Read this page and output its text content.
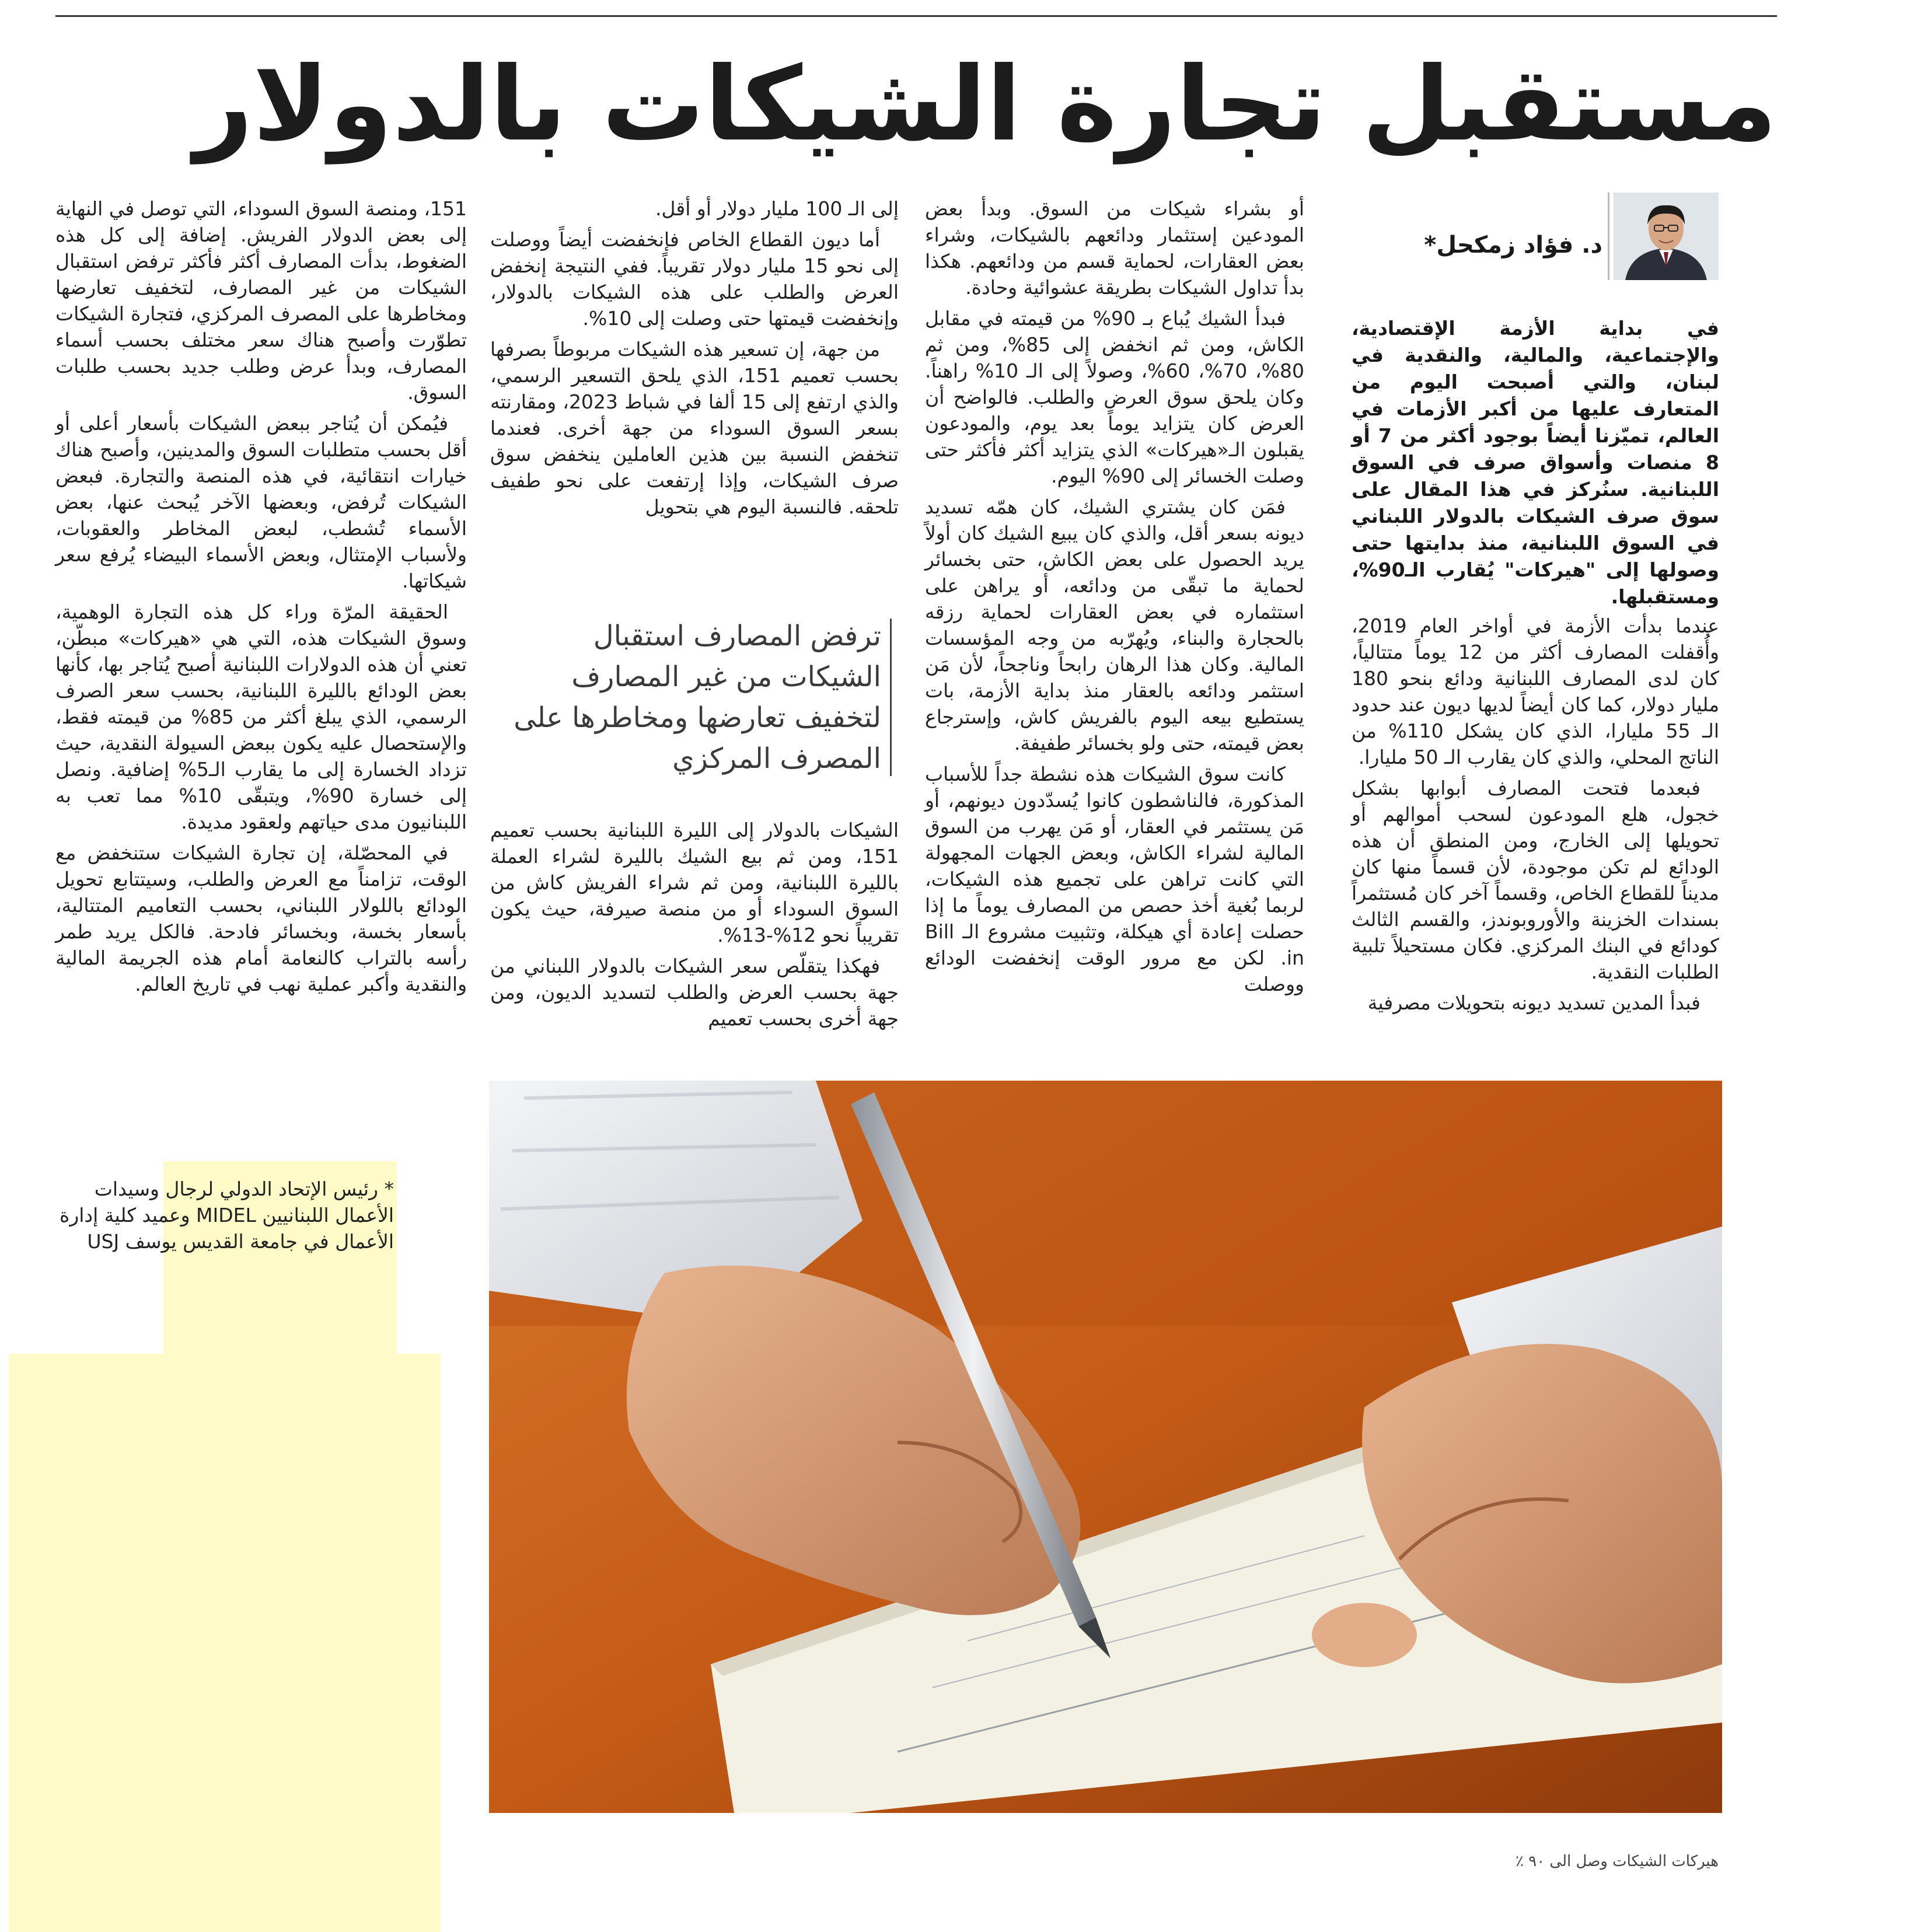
مستقبل تجارة الشيكات بالدولار
د. فؤاد زمكحل*
في بداية الأزمة الإقتصادية، والإجتماعية، والمالية، والنقدية في لبنان، والتي أصبحت اليوم من المتعارف عليها من أكبر الأزمات في العالم، تميّزنا أيضاً بوجود أكثر من 7 أو 8 منصات وأسواق صرف في السوق اللبنانية. سنُركز في هذا المقال على سوق صرف الشيكات بالدولار اللبناني في السوق اللبنانية، منذ بدايتها حتى وصولها إلى "هيركات" يُقارب الـ90%، ومستقبلها.

عندما بدأت الأزمة في أواخر العام 2019، وأُقفلت المصارف أكثر من 12 يوماً متتالياً، كان لدى المصارف اللبنانية ودائع بنحو 180 مليار دولار، كما كان أيضاً لديها ديون عند حدود الـ 55 مليارا، الذي كان يشكل 110% من الناتج المحلي، والذي كان يقارب الـ 50 مليارا.

فبعدما فتحت المصارف أبوابها بشكل خجول، هلع المودعون لسحب أموالهم أو تحويلها إلى الخارج، ومن المنطق أن هذه الودائع لم تكن موجودة، لأن قسماً منها كان مديناً للقطاع الخاص، وقسماً آخر كان مُستثمراً بسندات الخزينة والأوروبوندز، والقسم الثالث كودائع في البنك المركزي. فكان مستحيلاً تلبية الطلبات النقدية.

فبدأ المدين تسديد ديونه بتحويلات مصرفية

أو بشراء شيكات من السوق. وبدأ بعض المودعين إستثمار ودائعهم بالشيكات، وشراء بعض العقارات، لحماية قسم من ودائعهم. هكذا بدأ تداول الشيكات بطريقة عشوائية وحادة.

فبدأ الشيك يُباع بـ 90% من قيمته في مقابل الكاش، ومن ثم انخفض إلى 85%، ومن ثم 80%، 70%، 60%، وصولاً إلى الـ 10% راهناً. وكان يلحق سوق العرض والطلب. فالواضح أن العرض كان يتزايد يوماً بعد يوم، والمودعون يقبلون الـ«هيركات» الذي يتزايد أكثر فأكثر حتى وصلت الخسائر إلى 90% اليوم.

فمَن كان يشتري الشيك، كان همّه تسديد ديونه بسعر أقل، والذي كان يبيع الشيك كان أولاً يريد الحصول على بعض الكاش، حتى بخسائر لحماية ما تبقّى من ودائعه، أو يراهن على استثماره في بعض العقارات لحماية رزقه بالحجارة والبناء، ويُهرّبه من وجه المؤسسات المالية. وكان هذا الرهان رابحاً وناجحاً، لأن مَن استثمر ودائعه بالعقار منذ بداية الأزمة، بات يستطيع بيعه اليوم بالفريش كاش، وإسترجاع بعض قيمته، حتى ولو بخسائر طفيفة.

كانت سوق الشيكات هذه نشطة جداً للأسباب المذكورة، فالناشطون كانوا يُسدّدون ديونهم، أو مَن يستثمر في العقار، أو مَن يهرب من السوق المالية لشراء الكاش، وبعض الجهات المجهولة التي كانت تراهن على تجميع هذه الشيكات، لربما بُغية أخذ حصص من المصارف يوماً ما إذا حصلت إعادة أي هيكلة، وتثبيت مشروع الـ Bill in. لكن مع مرور الوقت إنخفضت الودائع ووصلت

إلى الـ 100 مليار دولار أو أقل.

أما ديون القطاع الخاص فإنخفضت أيضاً ووصلت إلى نحو 15 مليار دولار تقريباً. ففي النتيجة إنخفض العرض والطلب على هذه الشيكات بالدولار، وإنخفضت قيمتها حتى وصلت إلى 10%.

من جهة، إن تسعير هذه الشيكات مربوطاً بصرفها بحسب تعميم 151، الذي يلحق التسعير الرسمي، والذي ارتفع إلى 15 ألفا في شباط 2023، ومقارنته بسعر السوق السوداء من جهة أخرى. فعندما تنخفض النسبة بين هذين العاملين ينخفض سوق صرف الشيكات، وإذا إرتفعت على نحو طفيف تلحقه. فالنسبة اليوم هي بتحويل

ترفض المصارف استقبال الشيكات من غير المصارف لتخفيف تعارضها ومخاطرها على المصرف المركزي

الشيكات بالدولار إلى الليرة اللبنانية بحسب تعميم 151، ومن ثم بيع الشيك بالليرة لشراء العملة بالليرة اللبنانية، ومن ثم شراء الفريش كاش من السوق السوداء أو من منصة صيرفة، حيث يكون تقريباً نحو 12%-13%.

فهكذا يتقلّص سعر الشيكات بالدولار اللبناني من جهة بحسب العرض والطلب لتسديد الديون، ومن جهة أخرى بحسب تعميم

151، ومنصة السوق السوداء، التي توصل في النهاية إلى بعض الدولار الفريش. إضافة إلى كل هذه الضغوط، بدأت المصارف أكثر فأكثر ترفض استقبال الشيكات من غير المصارف، لتخفيف تعارضها ومخاطرها على المصرف المركزي، فتجارة الشيكات تطوّرت وأصبح هناك سعر مختلف بحسب أسماء المصارف، وبدأ عرض وطلب جديد بحسب طلبات السوق.

فيُمكن أن يُتاجر ببعض الشيكات بأسعار أعلى أو أقل بحسب متطلبات السوق والمدينين، وأصبح هناك خيارات انتقائية، في هذه المنصة والتجارة. فبعض الشيكات تُرفض، وبعضها الآخر يُبحث عنها، بعض الأسماء تُشطب، لبعض المخاطر والعقوبات، ولأسباب الإمتثال، وبعض الأسماء البيضاء يُرفع سعر شيكاتها.

الحقيقة المرّة وراء كل هذه التجارة الوهمية، وسوق الشيكات هذه، التي هي «هيركات» مبطّن، تعني أن هذه الدولارات اللبنانية أصبح يُتاجر بها، كأنها بعض الودائع بالليرة اللبنانية، بحسب سعر الصرف الرسمي، الذي يبلغ أكثر من 85% من قيمته فقط، والإستحصال عليه يكون ببعض السيولة النقدية، حيث تزداد الخسارة إلى ما يقارب الـ5% إضافية. ونصل إلى خسارة 90%، ويتبقّى 10% مما تعب به اللبنانيون مدى حياتهم ولعقود مديدة.

في المحصّلة، إن تجارة الشيكات ستنخفض مع الوقت، تزامناً مع العرض والطلب، وسيتتابع تحويل الودائع باللولار اللبناني، بحسب التعاميم المتتالية، بأسعار بخسة، وبخسائر فادحة. فالكل يريد طمر رأسه بالتراب كالنعامة أمام هذه الجريمة المالية والنقدية وأكبر عملية نهب في تاريخ العالم.

* رئيس الإتحاد الدولي لرجال وسيدات الأعمال اللبنانيين MIDEL وعميد كلية إدارة الأعمال في جامعة القديس يوسف USJ
هيركات الشيكات وصل الى ٩٠ ٪
